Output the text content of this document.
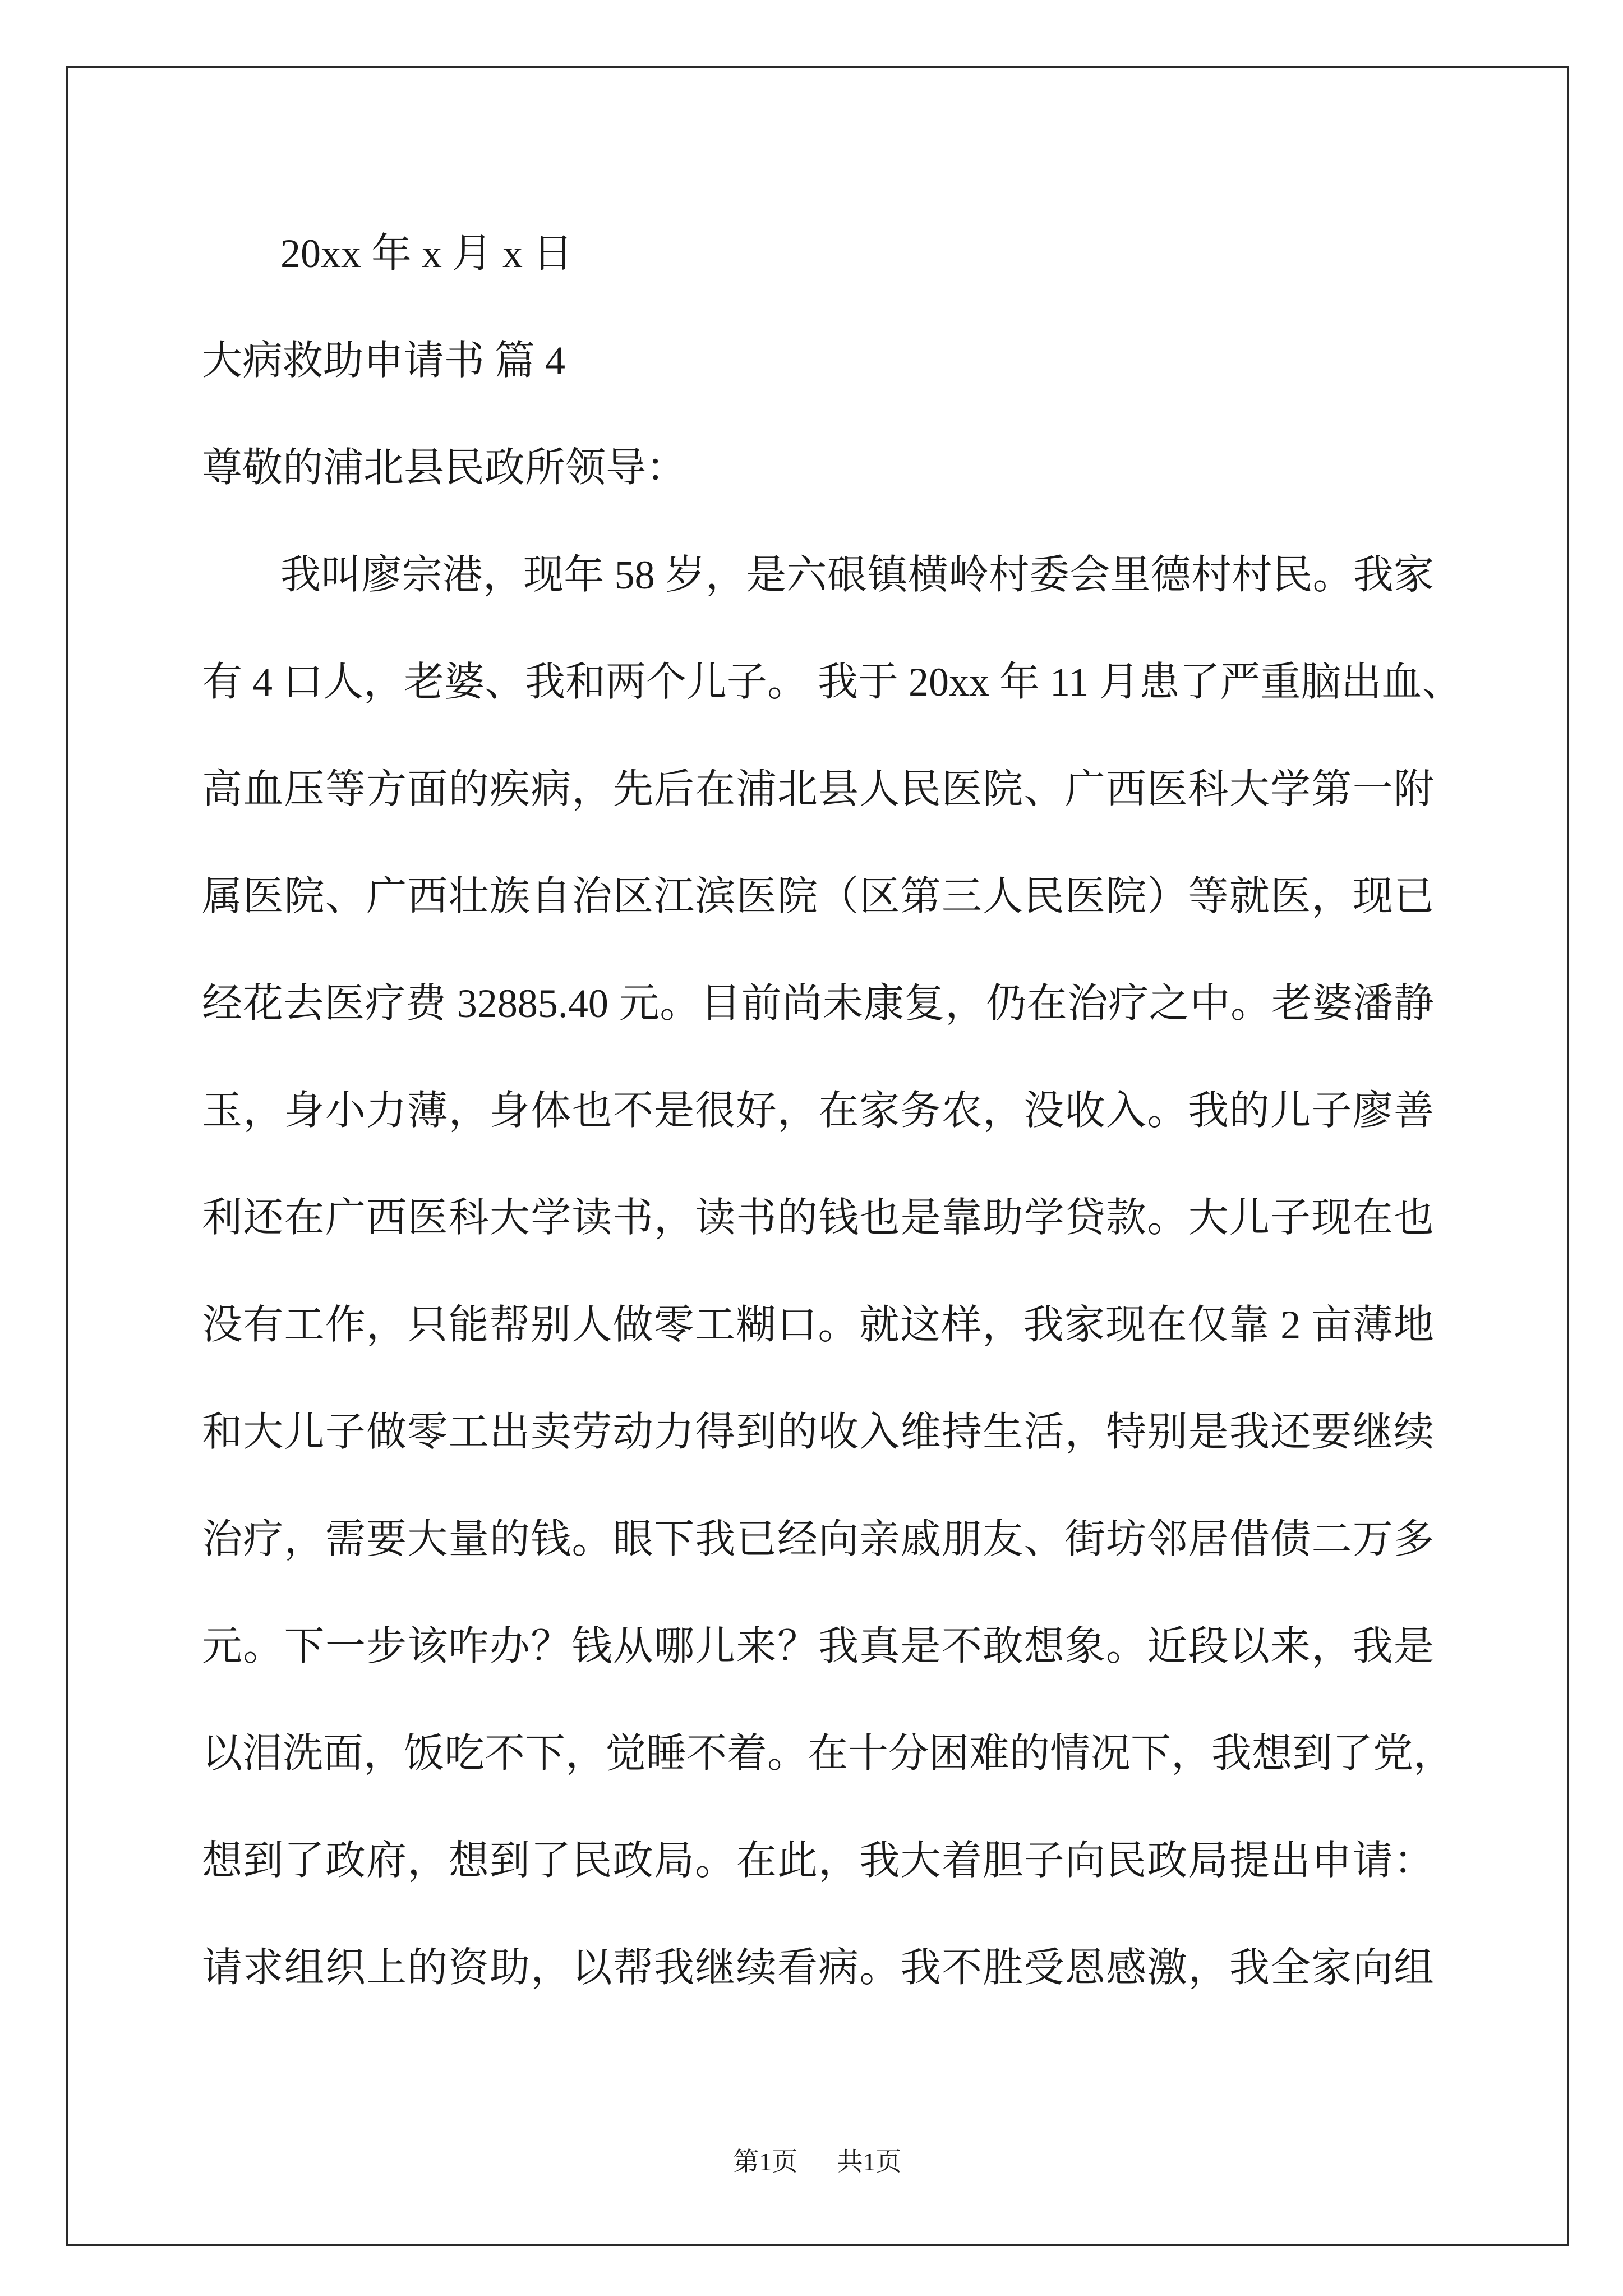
20xx 年 x 月 x 日
大病救助申请书 篇 4
尊敬的浦北县民政所领导：
我叫廖宗港，现年 58 岁，是六硍镇横岭村委会里德村村民。我家
有 4 口人，老婆、我和两个儿子。 我于 20xx 年 11 月患了严重脑出血、
高血压等方面的疾病，先后在浦北县人民医院、广西医科大学第一附
属医院、广西壮族自治区江滨医院（区第三人民医院）等就医，现已
经花去医疗费 32885.40 元。目前尚未康复，仍在治疗之中。老婆潘静
玉，身小力薄，身体也不是很好，在家务农，没收入。我的儿子廖善
利还在广西医科大学读书，读书的钱也是靠助学贷款。大儿子现在也
没有工作，只能帮别人做零工糊口。就这样，我家现在仅靠 2 亩薄地
和大儿子做零工出卖劳动力得到的收入维持生活，特别是我还要继续
治疗，需要大量的钱。眼下我已经向亲戚朋友、街坊邻居借债二万多
元。下一步该咋办？钱从哪儿来？我真是不敢想象。近段以来，我是
以泪洗面，饭吃不下，觉睡不着。在十分困难的情况下，我想到了党，
想到了政府，想到了民政局。在此，我大着胆子向民政局提出申请：
请求组织上的资助，以帮我继续看病。我不胜受恩感激，我全家向组
第1页 共1页
